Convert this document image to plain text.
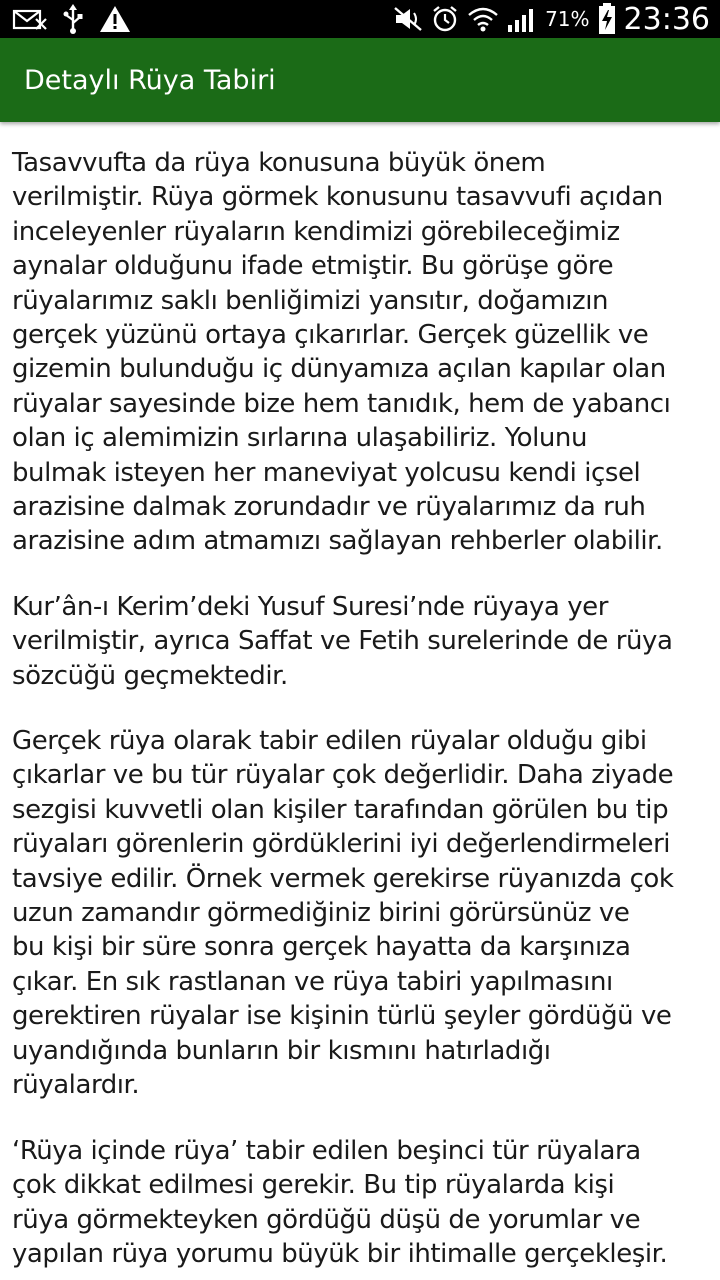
71% 23:36
Detaylı Rüya Tabiri

Tasavvufta da rüya konusuna büyük önem
verilmiştir. Rüya görmek konusunu tasavvufi açıdan
inceleyenler rüyaların kendimizi görebileceğimiz
aynalar olduğunu ifade etmiştir. Bu görüşe göre
rüyalarımız saklı benliğimizi yansıtır, doğamızın
gerçek yüzünü ortaya çıkarırlar. Gerçek güzellik ve
gizemin bulunduğu iç dünyamıza açılan kapılar olan
rüyalar sayesinde bize hem tanıdık, hem de yabancı
olan iç alemimizin sırlarına ulaşabiliriz. Yolunu
bulmak isteyen her maneviyat yolcusu kendi içsel
arazisine dalmak zorundadır ve rüyalarımız da ruh
arazisine adım atmamızı sağlayan rehberler olabilir.

Kur’ân-ı Kerim’deki Yusuf Suresi’nde rüyaya yer
verilmiştir, ayrıca Saffat ve Fetih surelerinde de rüya
sözcüğü geçmektedir.

Gerçek rüya olarak tabir edilen rüyalar olduğu gibi
çıkarlar ve bu tür rüyalar çok değerlidir. Daha ziyade
sezgisi kuvvetli olan kişiler tarafından görülen bu tip
rüyaları görenlerin gördüklerini iyi değerlendirmeleri
tavsiye edilir. Örnek vermek gerekirse rüyanızda çok
uzun zamandır görmediğiniz birini görürsünüz ve
bu kişi bir süre sonra gerçek hayatta da karşınıza
çıkar. En sık rastlanan ve rüya tabiri yapılmasını
gerektiren rüyalar ise kişinin türlü şeyler gördüğü ve
uyandığında bunların bir kısmını hatırladığı
rüyalardır.

‘Rüya içinde rüya’ tabir edilen beşinci tür rüyalara
çok dikkat edilmesi gerekir. Bu tip rüyalarda kişi
rüya görmekteyken gördüğü düşü de yorumlar ve
yapılan rüya yorumu büyük bir ihtimalle gerçekleşir.
